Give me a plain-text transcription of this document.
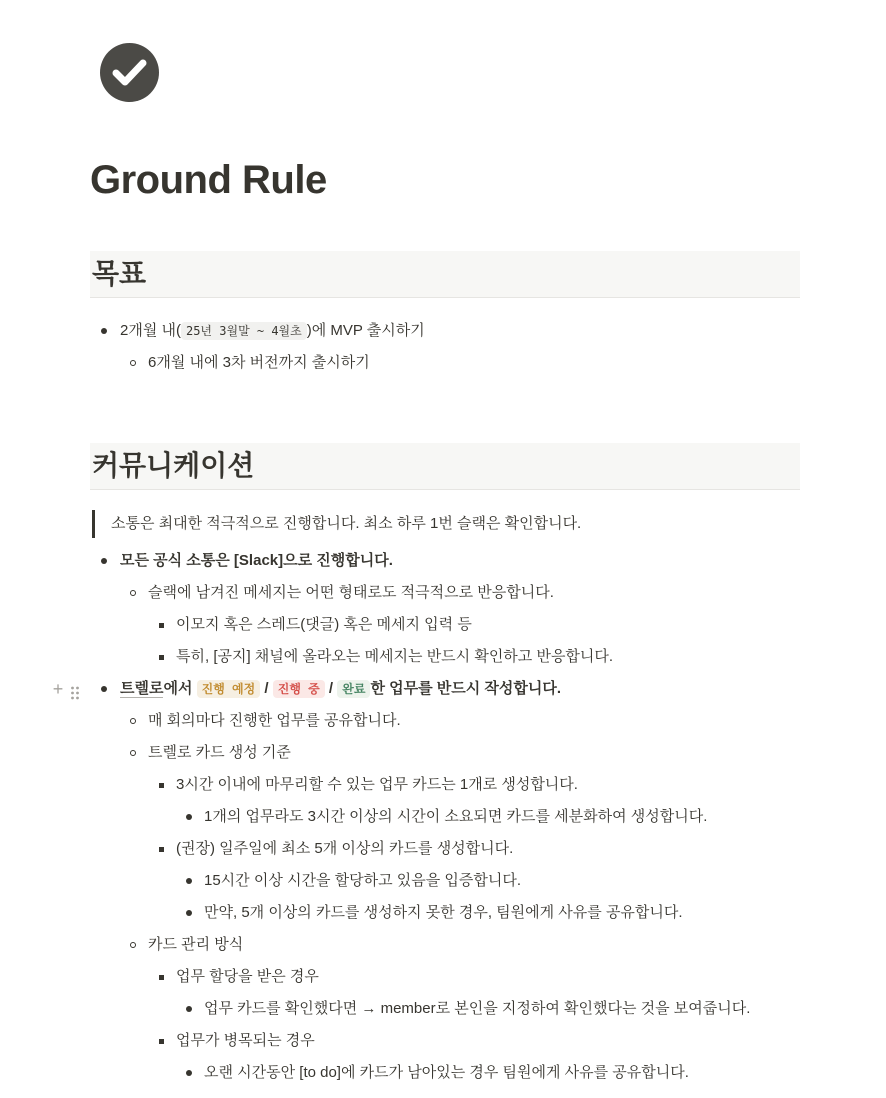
Ground Rule
목표
2개월 내( 25년 3월말 ~ 4월초 )에 MVP 출시하기
6개월 내에 3차 버전까지 출시하기
커뮤니케이션
소통은 최대한 적극적으로 진행합니다. 최소 하루 1번 슬랙은 확인합니다.
모든 공식 소통은 [Slack]으로 진행합니다.
슬랙에 남겨진 메세지는 어떤 형태로도 적극적으로 반응합니다.
이모지 혹은 스레드(댓글) 혹은 메세지 입력 등
특히, [공지] 채널에 올라오는 메세지는 반드시 확인하고 반응합니다.
+	트렐로에서 진행 예정 / 진행 중 / 완료 한 업무를 반드시 작성합니다.
매 회의마다 진행한 업무를 공유합니다.
트렐로 카드 생성 기준
3시간 이내에 마무리할 수 있는 업무 카드는 1개로 생성합니다.
1개의 업무라도 3시간 이상의 시간이 소요되면 카드를 세분화하여 생성합니다.
(권장) 일주일에 최소 5개 이상의 카드를 생성합니다.
15시간 이상 시간을 할당하고 있음을 입증합니다.
만약, 5개 이상의 카드를 생성하지 못한 경우, 팀원에게 사유를 공유합니다.
카드 관리 방식
업무 할당을 받은 경우
업무 카드를 확인했다면 → member로 본인을 지정하여 확인했다는 것을 보여줍니다.
업무가 병목되는 경우
오랜 시간동안 [to do]에 카드가 남아있는 경우 팀원에게 사유를 공유합니다.
